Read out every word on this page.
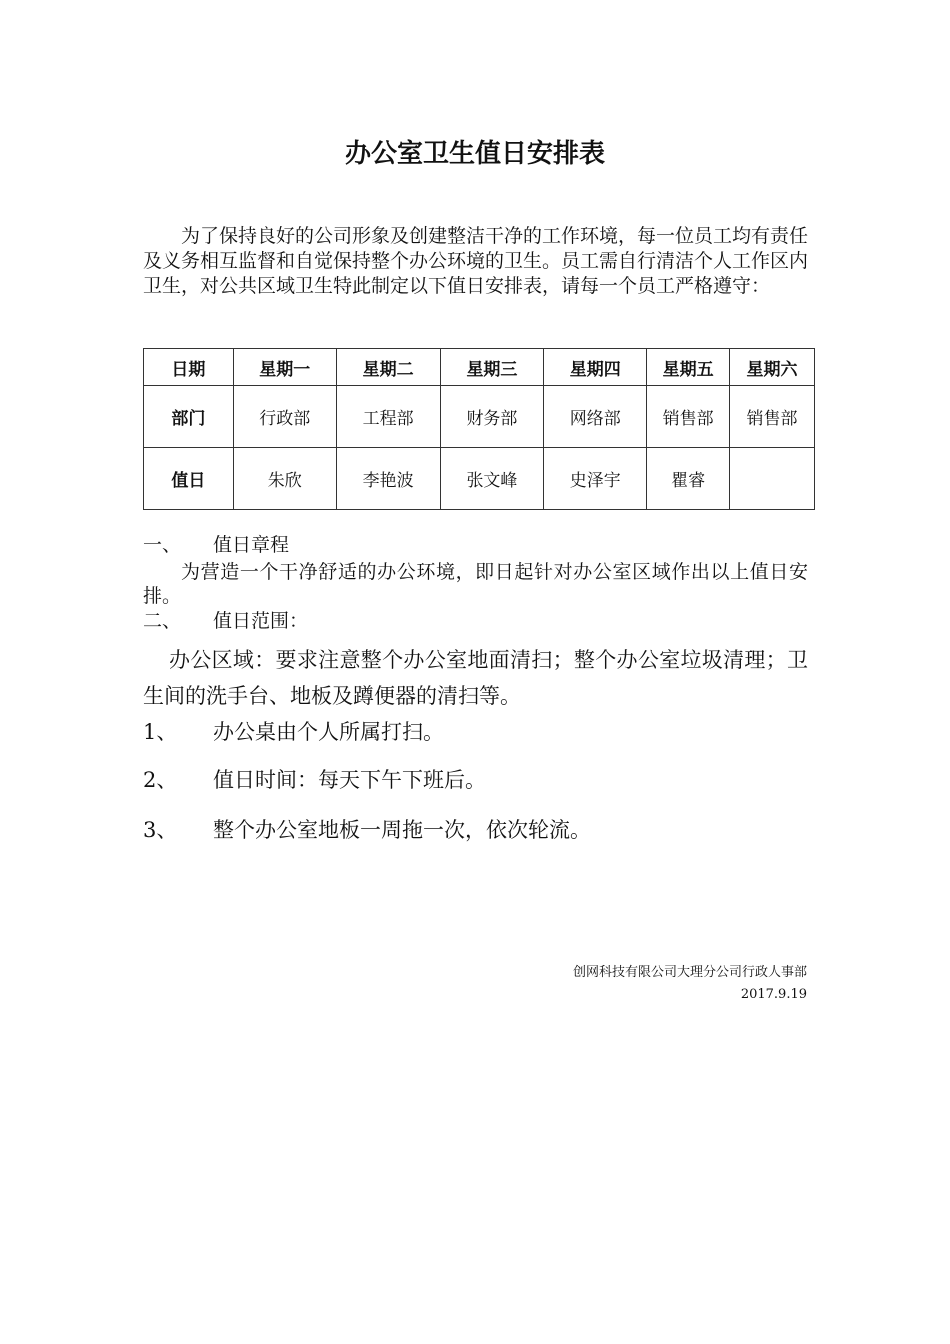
办公室卫生值日安排表
为了保持良好的公司形象及创建整洁干净的工作环境，每一位员工均有责任及义务相互监督和自觉保持整个办公环境的卫生。员工需自行清洁个人工作区内卫生，对公共区域卫生特此制定以下值日安排表，请每一个员工严格遵守：
日期	星期一	星期二	星期三	星期四	星期五	星期六
部门	行政部	工程部	财务部	网络部	销售部	销售部
值日	朱欣	李艳波	张文峰	史泽宇	瞿睿	
一、 值日章程
为营造一个干净舒适的办公环境，即日起针对办公室区域作出以上值日安排。
二、 值日范围：
办公区域：要求注意整个办公室地面清扫；整个办公室垃圾清理；卫生间的洗手台、地板及蹲便器的清扫等。
1、 办公桌由个人所属打扫。
2、 值日时间：每天下午下班后。
3、 整个办公室地板一周拖一次，依次轮流。
创网科技有限公司大理分公司行政人事部
2017.9.19
